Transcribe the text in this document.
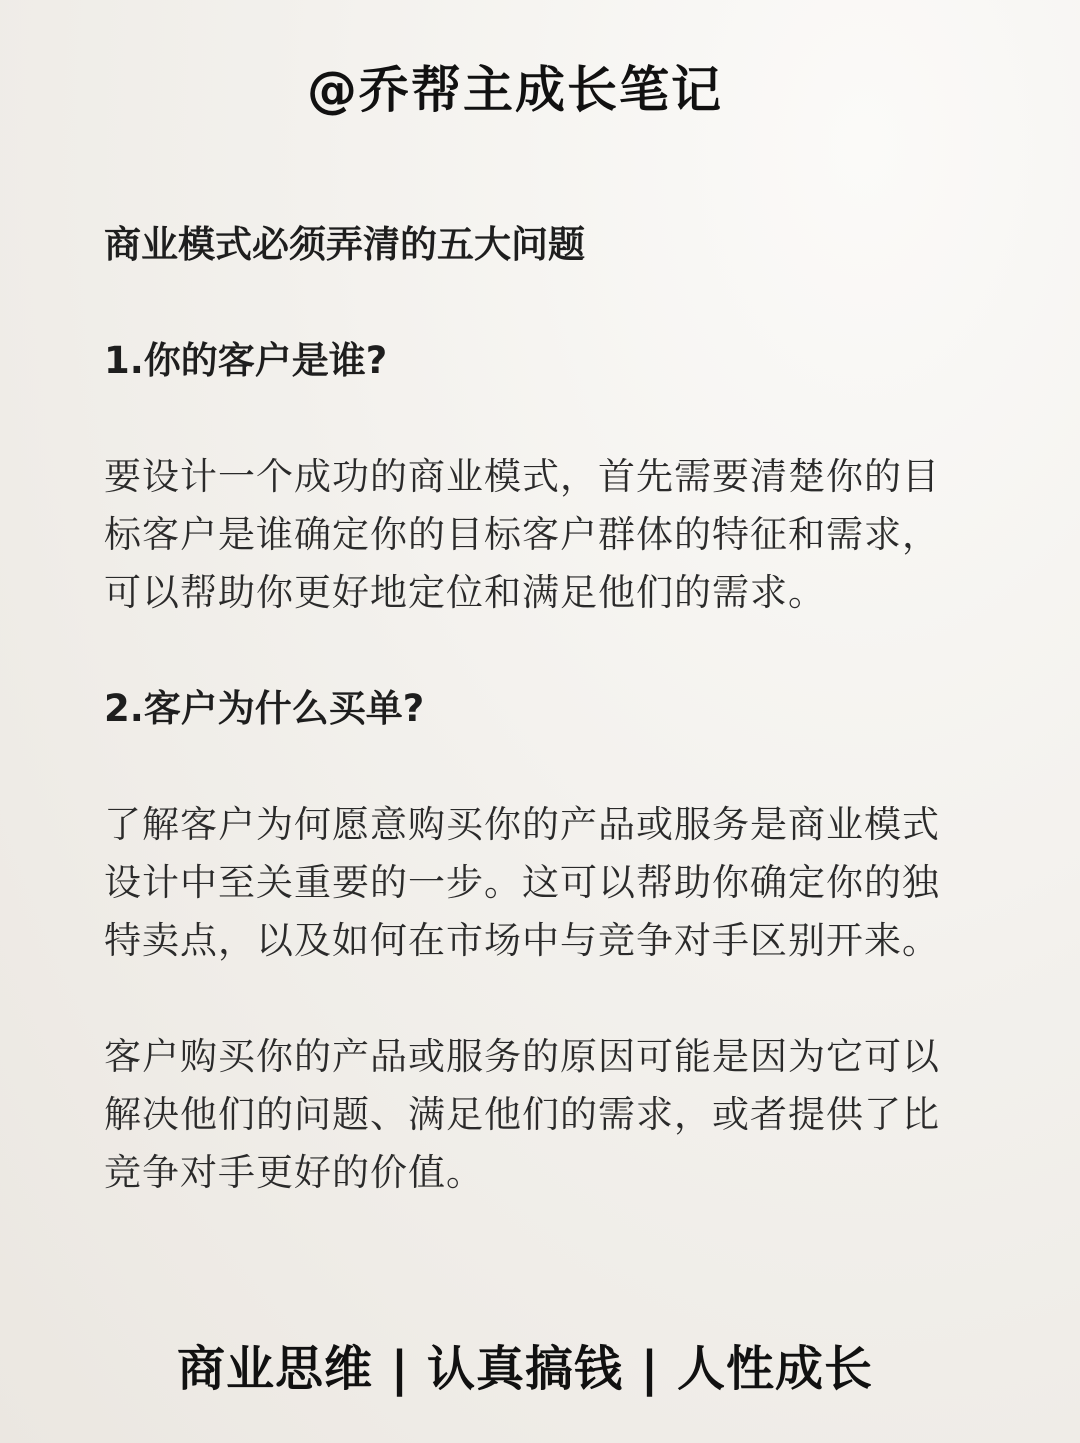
@乔帮主成长笔记

商业模式必须弄清的五大问题

1.你的客户是谁?

要设计一个成功的商业模式，首先需要清楚你的目标客户是谁确定你的目标客户群体的特征和需求，可以帮助你更好地定位和满足他们的需求。

2.客户为什么买单?

了解客户为何愿意购买你的产品或服务是商业模式设计中至关重要的一步。这可以帮助你确定你的独特卖点，以及如何在市场中与竞争对手区别开来。

客户购买你的产品或服务的原因可能是因为它可以解决他们的问题、满足他们的需求，或者提供了比竞争对手更好的价值。

商业思维 | 认真搞钱 | 人性成长
